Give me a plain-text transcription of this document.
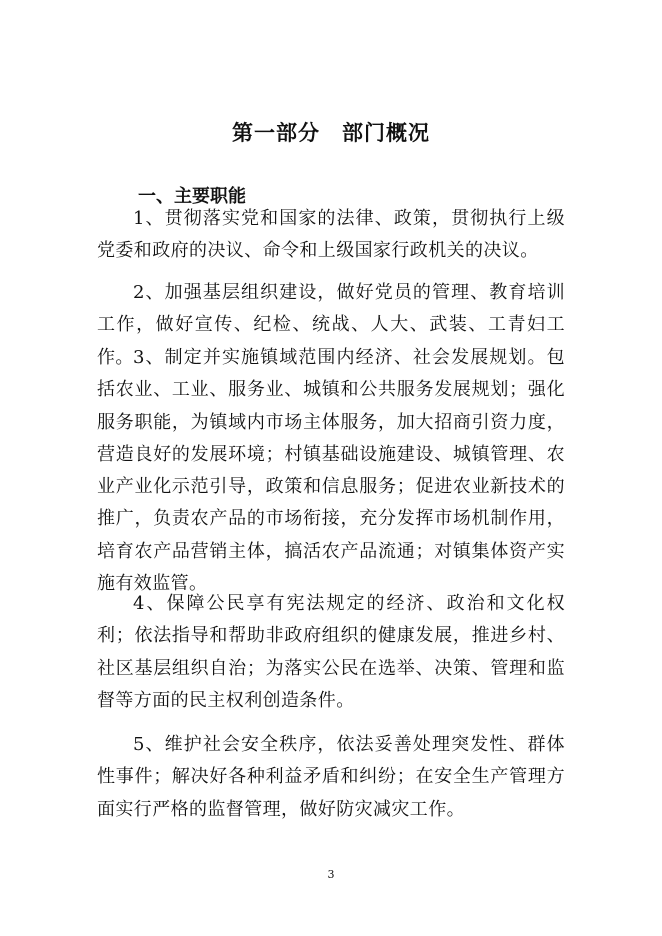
第一部分　部门概况
一、主要职能

1、贯彻落实党和国家的法律、政策，贯彻执行上级党委和政府的决议、命令和上级国家行政机关的决议。

2、加强基层组织建设，做好党员的管理、教育培训工作，做好宣传、纪检、统战、人大、武装、工青妇工作。 3、制定并实施镇域范围内经济、社会发展规划。包括农业、工业、服务业、城镇和公共服务发展规划；强化服务职能，为镇域内市场主体服务，加大招商引资力度，营造良好的发展环境；村镇基础设施建设、城镇管理、农业产业化示范引导，政策和信息服务；促进农业新技术的推广，负责农产品的市场衔接，充分发挥市场机制作用，培育农产品营销主体，搞活农产品流通；对镇集体资产实施有效监管。

4、保障公民享有宪法规定的经济、政治和文化权利；依法指导和帮助非政府组织的健康发展，推进乡村、社区基层组织自治；为落实公民在选举、决策、管理和监督等方面的民主权利创造条件。

5、维护社会安全秩序，依法妥善处理突发性、群体性事件；解决好各种利益矛盾和纠纷；在安全生产管理方面实行严格的监督管理，做好防灾减灾工作。

3
